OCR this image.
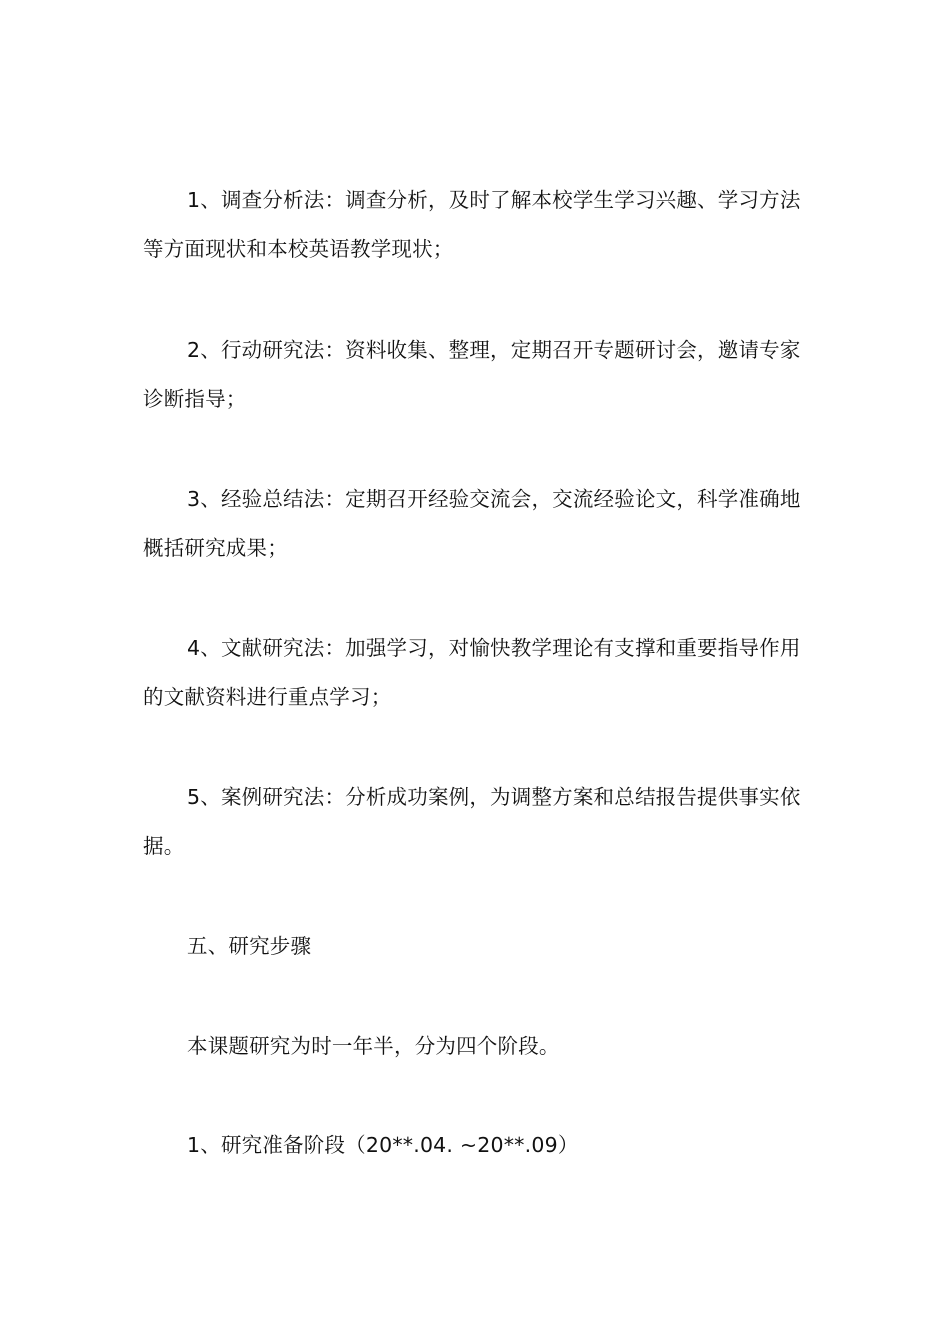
1、调查分析法：调查分析，及时了解本校学生学习兴趣、学习方法等方面现状和本校英语教学现状；

2、行动研究法：资料收集、整理，定期召开专题研讨会，邀请专家诊断指导；

3、经验总结法：定期召开经验交流会，交流经验论文，科学准确地概括研究成果；

4、文献研究法：加强学习，对愉快教学理论有支撑和重要指导作用的文献资料进行重点学习；

5、案例研究法：分析成功案例，为调整方案和总结报告提供事实依据。

五、研究步骤

本课题研究为时一年半，分为四个阶段。

1、研究准备阶段（20**.04. ~20**.09）
